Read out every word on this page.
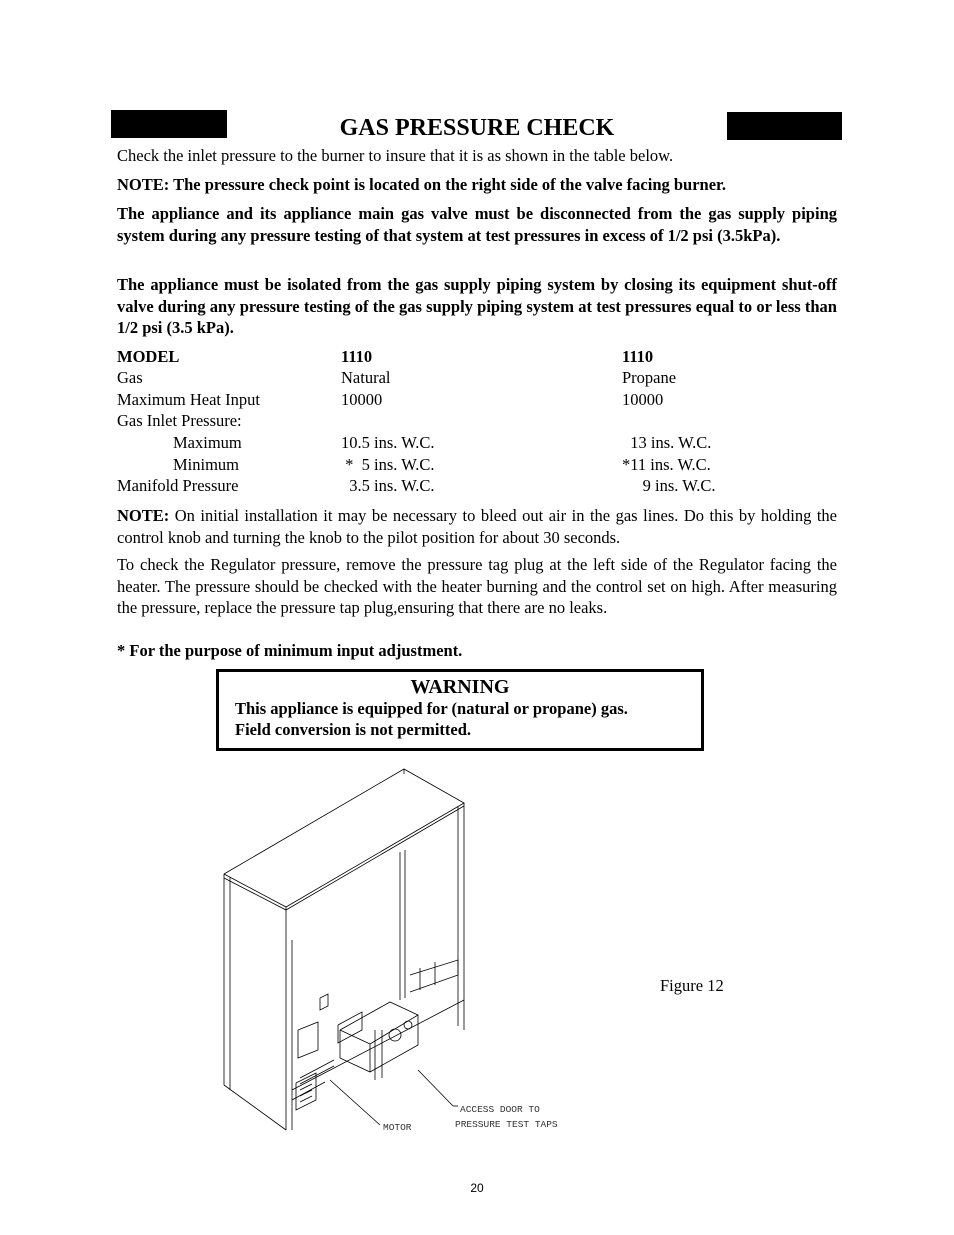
GAS PRESSURE CHECK
Check the inlet pressure to the burner to insure that it is as shown in the table below.
NOTE: The pressure check point is located on the right side of the valve facing burner.
The appliance and its appliance main gas valve must be disconnected from the gas supply piping system during any pressure testing of that system at test pressures in excess of 1/2 psi (3.5kPa).
The appliance must be isolated from the gas supply piping system by closing its equipment shut-off valve during any pressure testing of the gas supply piping system at test pressures equal to or less than 1/2 psi (3.5 kPa).
MODEL	1110	1110
Gas	Natural	Propane
Maximum Heat Input	10000	10000
Gas Inlet Pressure:
Maximum	10.5 ins. W.C.	13 ins. W.C.
Minimum	*  5 ins. W.C.	*11 ins. W.C.
Manifold Pressure	3.5 ins. W.C.	9 ins. W.C.
NOTE: On initial installation it may be necessary to bleed out air in the gas lines. Do this by holding the control knob and turning the knob to the pilot position for about 30 seconds.
To check the Regulator pressure, remove the pressure tag plug at the left side of the Regulator facing the heater. The pressure should be checked with the heater burning and the control set on high. After measuring the pressure, replace the pressure tap plug,ensuring that there are no leaks.
* For the purpose of minimum input adjustment.
WARNING
This appliance is equipped for (natural or propane) gas.
Field conversion is not permitted.
ACCESS DOOR TO
PRESSURE TEST TAPS
MOTOR
Figure 12
20
